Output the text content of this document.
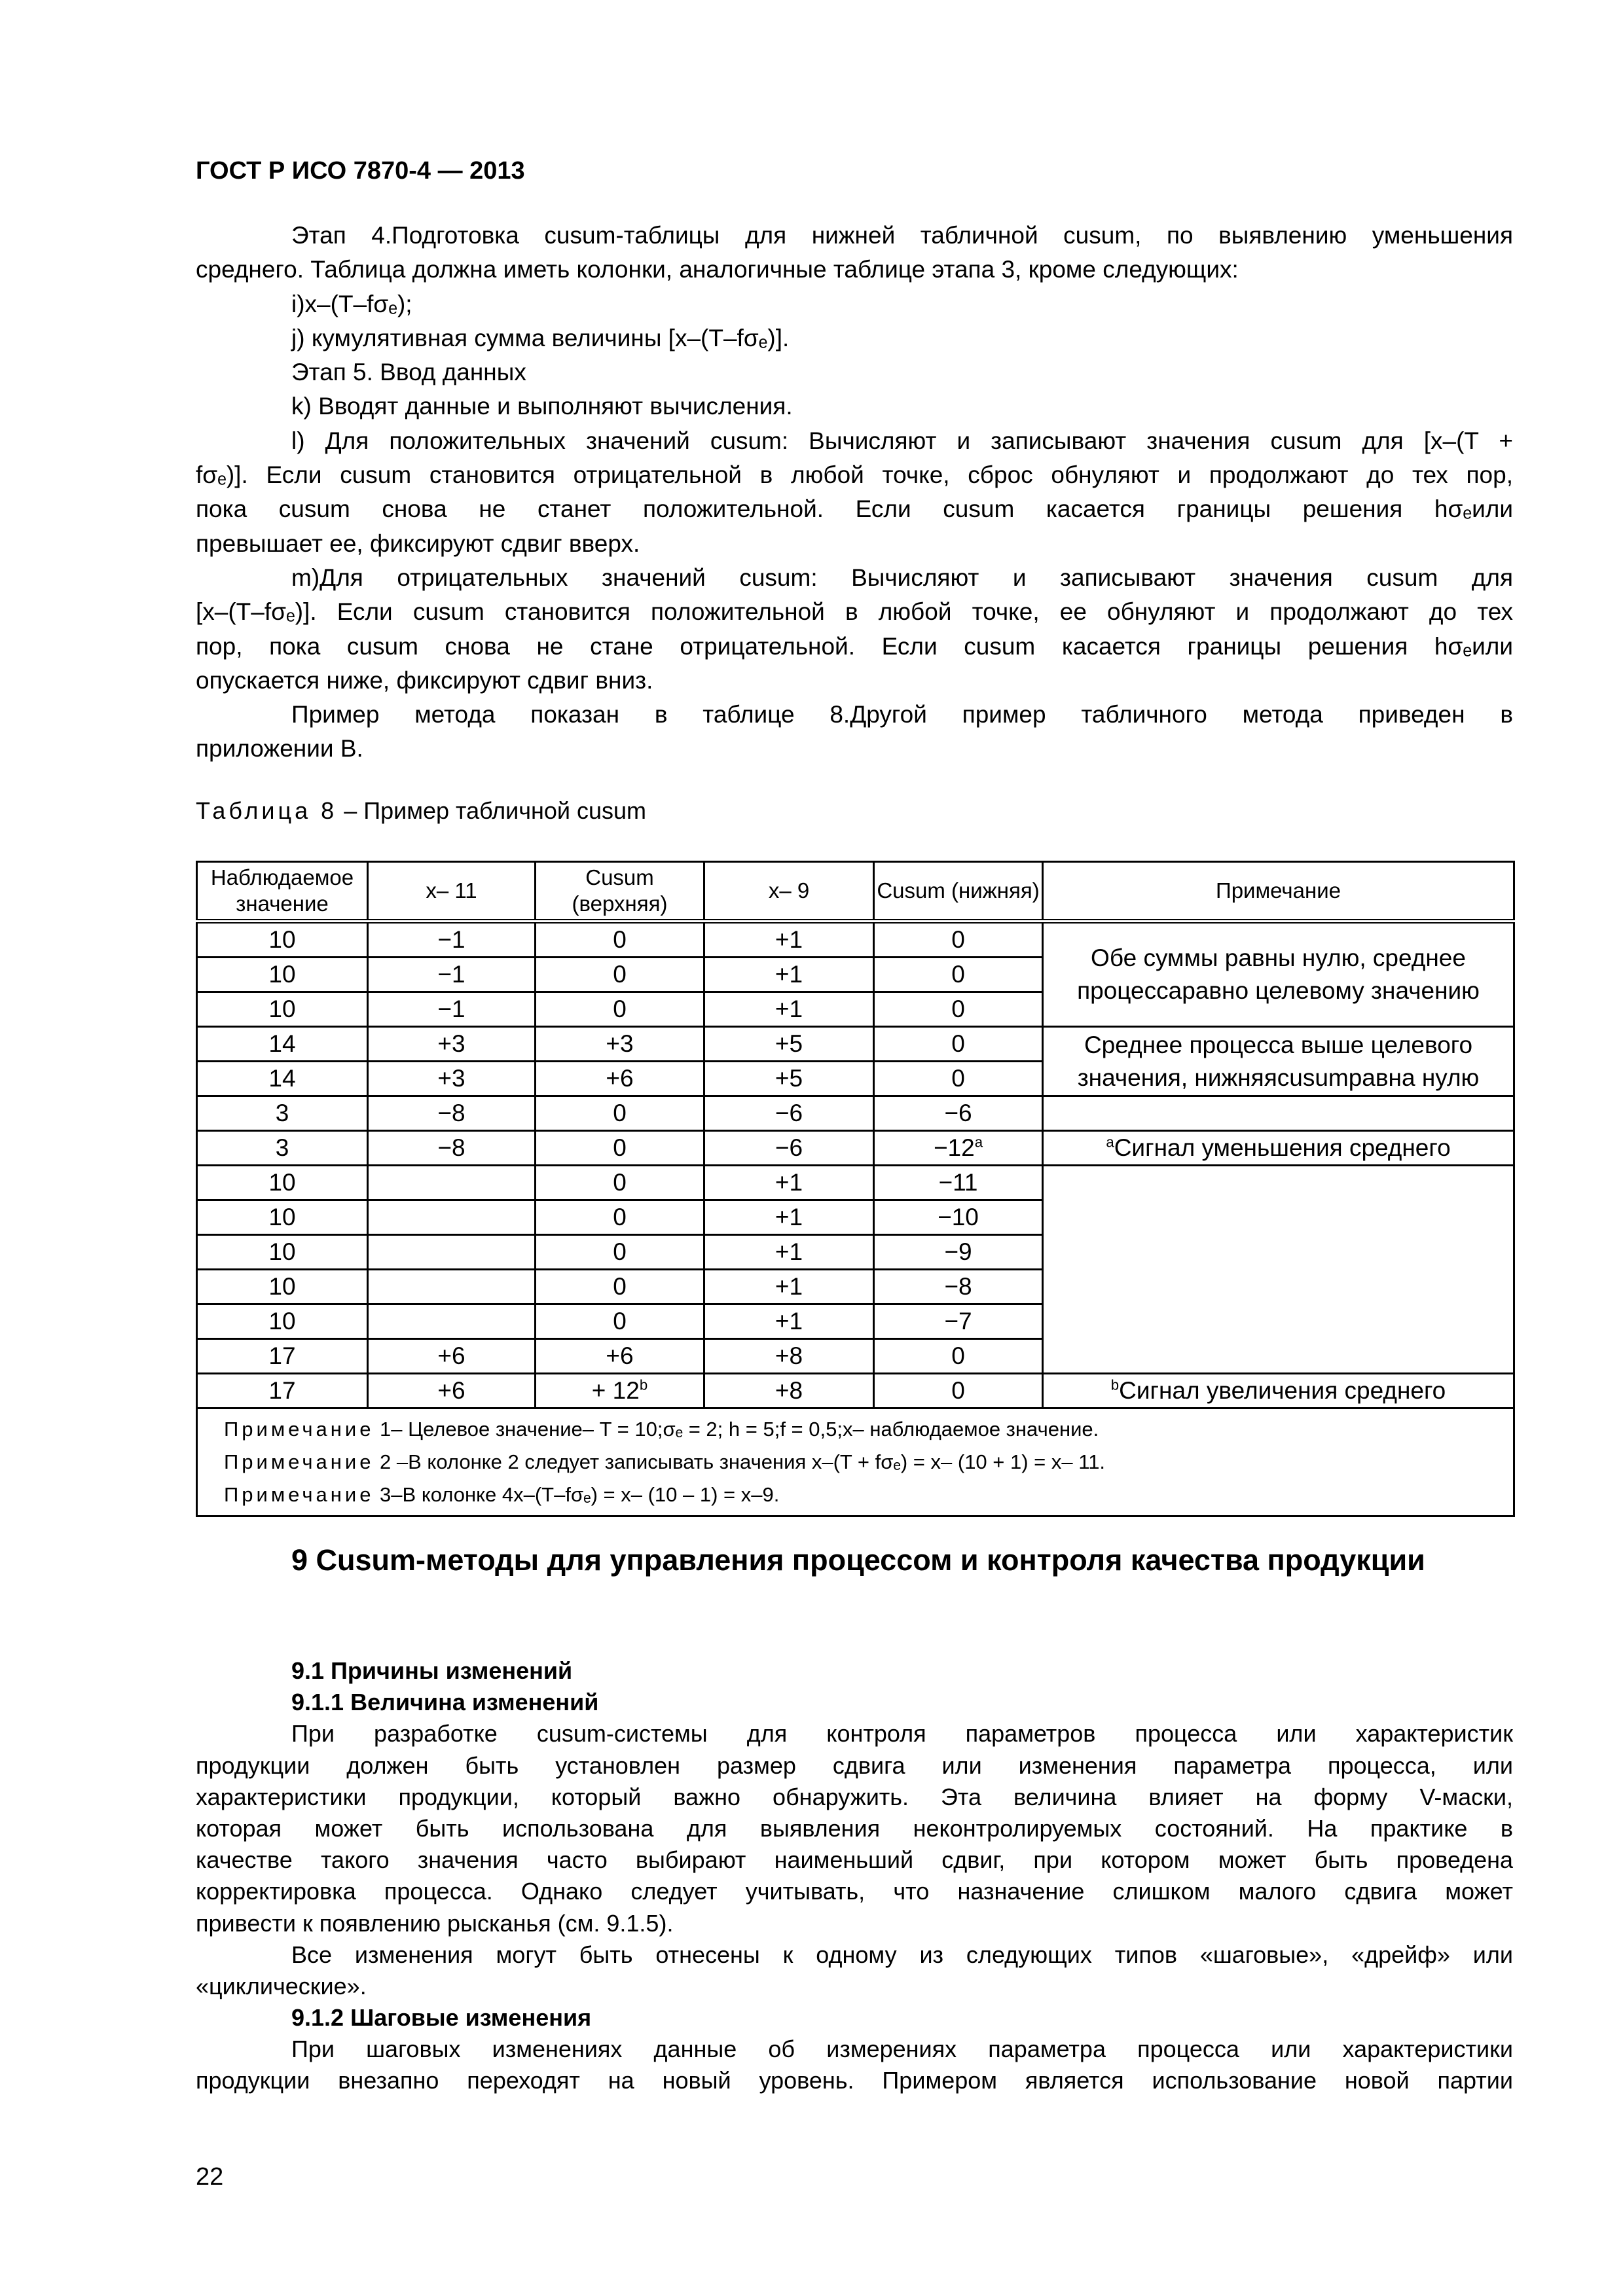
ГОСТ Р ИСО 7870-4 — 2013
Этап 4.Подготовка cusum-таблицы для нижней табличной cusum, по выявлению уменьшения
среднего. Таблица должна иметь колонки, аналогичные таблице этапа 3, кроме следующих:
i)x–(T–fσₑ);
j) кумулятивная сумма величины [x–(T–fσₑ)].
Этап 5. Ввод данных
k) Вводят данные и выполняют вычисления.
l) Для положительных значений cusum: Вычисляют и записывают значения cusum для [x–(T +
fσₑ)]. Если cusum становится отрицательной в любой точке, сброс обнуляют и продолжают до тех пор,
пока cusum снова не станет положительной. Если cusum касается границы решения hσₑили
превышает ее, фиксируют сдвиг вверх.
m)Для отрицательных значений cusum: Вычисляют и записывают значения cusum для
[x–(T–fσₑ)]. Если cusum становится положительной в любой точке, ее обнуляют и продолжают до тех
пор, пока cusum снова не стане отрицательной. Если cusum касается границы решения hσₑили
опускается ниже, фиксируют сдвиг вниз.
Пример метода показан в таблице 8.Другой пример табличного метода приведен в
приложении В.
Таблица 8 – Пример табличной cusum
Наблюдаемое значение	x– 11	Cusum (верхняя)	x– 9	Cusum (нижняя)	Примечание
10	−1	0	+1	0	Обе суммы равны нулю, среднее процессаравно целевому значению
10	−1	0	+1	0	
10	−1	0	+1	0	
14	+3	+3	+5	0	Среднее процесса выше целевого значения, нижняяcusumравна нулю
14	+3	+6	+5	0	
3	−8	0	−6	−6	
3	−8	0	−6	$-12^a$	$^a$Сигнал уменьшения среднего
10		0	+1	−11	
10		0	+1	−10	
10		0	+1	−9	
10		0	+1	−8	
10		0	+1	−7	
17	+6	+6	+8	0	
17	+6	+ $12^b$	+8	0	$^b$Сигнал увеличения среднего

Примечание 1– Целевое значение– T = 10;σₑ = 2; h = 5;f = 0,5;x– наблюдаемое значение.
Примечание 2 –В колонке 2 следует записывать значения x–(T + fσₑ) = x– (10 + 1) = x– 11.
Примечание 3–В колонке 4x–(T–fσₑ) = x– (10 – 1) = x–9.					
9 Cusum-методы для управления процессом и контроля качества продукции
9.1 Причины изменений
9.1.1 Величина изменений
При разработке cusum-системы для контроля параметров процесса или характеристик
продукции должен быть установлен размер сдвига или изменения параметра процесса, или
характеристики продукции, который важно обнаружить. Эта величина влияет на форму V-маски,
которая может быть использована для выявления неконтролируемых состояний. На практике в
качестве такого значения часто выбирают наименьший сдвиг, при котором может быть проведена
корректировка процесса. Однако следует учитывать, что назначение слишком малого сдвига может
привести к появлению рысканья (см. 9.1.5).
Все изменения могут быть отнесены к одному из следующих типов «шаговые», «дрейф» или
«циклические».
9.1.2 Шаговые изменения
При шаговых изменениях данные об измерениях параметра процесса или характеристики
продукции внезапно переходят на новый уровень. Примером является использование новой партии
22
